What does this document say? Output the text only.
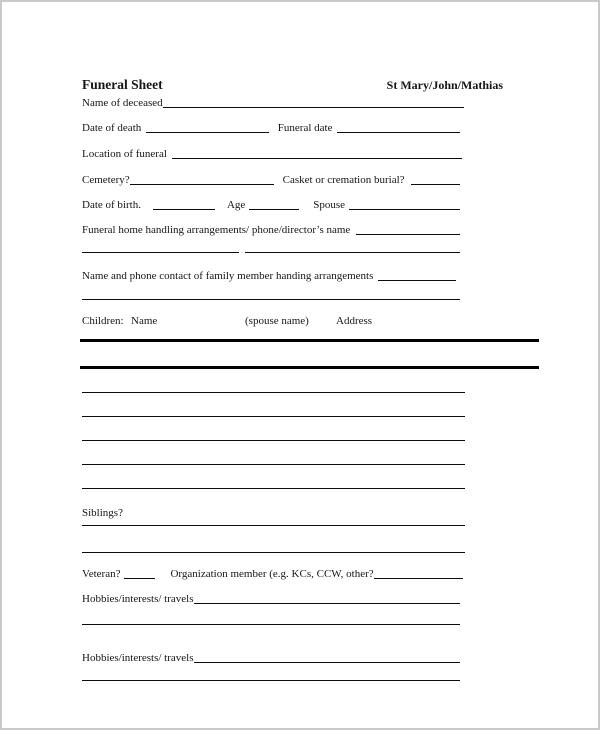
Funeral Sheet	St Mary/John/Mathias
Name of deceased
Date of death	Funeral date
Location of funeral
Cemetery?	Casket or cremation burial?
Date of birth.	Age	Spouse
Funeral home handling arrangements/ phone/director’s name
Name and phone contact of family member handing arrangements
Children: Name	(spouse name) Address
Siblings?
Veteran?	Organization member (e.g. KCs, CCW, other?
Hobbies/interests/ travels
Hobbies/interests/ travels
